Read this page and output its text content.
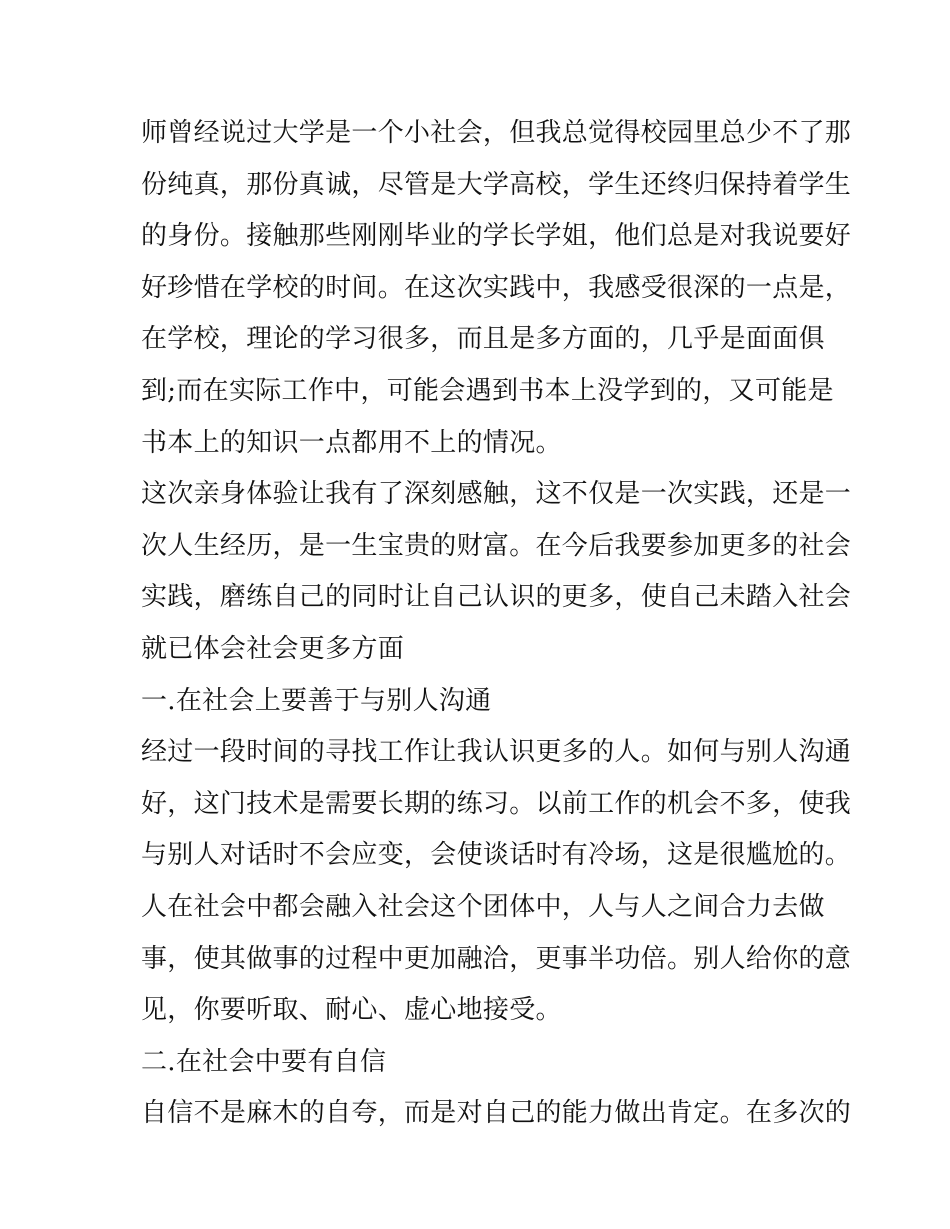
师曾经说过大学是一个小社会，但我总觉得校园里总少不了那
份纯真，那份真诚，尽管是大学高校，学生还终归保持着学生
的身份。接触那些刚刚毕业的学长学姐，他们总是对我说要好
好珍惜在学校的时间。在这次实践中，我感受很深的一点是，
在学校，理论的学习很多，而且是多方面的，几乎是面面俱
到;而在实际工作中，可能会遇到书本上没学到的，又可能是
书本上的知识一点都用不上的情况。
这次亲身体验让我有了深刻感触，这不仅是一次实践，还是一
次人生经历，是一生宝贵的财富。在今后我要参加更多的社会
实践，磨练自己的同时让自己认识的更多，使自己未踏入社会
就已体会社会更多方面
一.在社会上要善于与别人沟通
经过一段时间的寻找工作让我认识更多的人。如何与别人沟通
好，这门技术是需要长期的练习。以前工作的机会不多，使我
与别人对话时不会应变，会使谈话时有冷场，这是很尴尬的。
人在社会中都会融入社会这个团体中，人与人之间合力去做
事，使其做事的过程中更加融洽，更事半功倍。别人给你的意
见，你要听取、耐心、虚心地接受。
二.在社会中要有自信
自信不是麻木的自夸，而是对自己的能力做出肯定。在多次的
